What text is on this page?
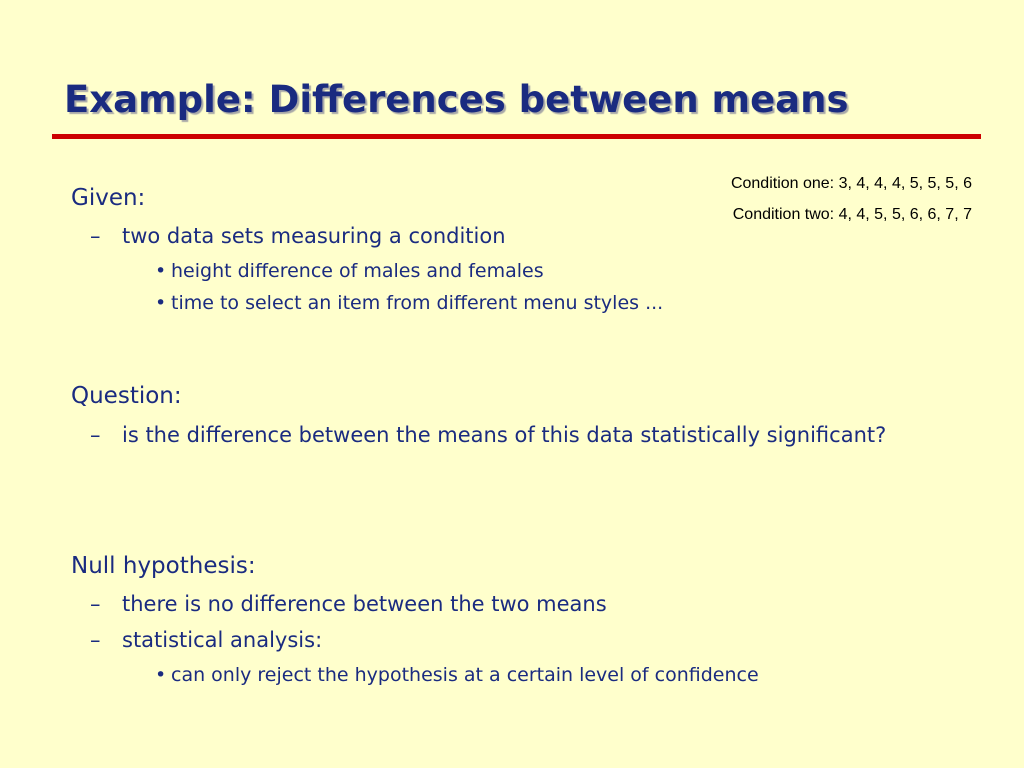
Example: Differences between means
Condition one: 3, 4, 4, 4, 5, 5, 5, 6
Condition two: 4, 4, 5, 5, 6, 6, 7, 7
Given:
– two data sets measuring a condition
• height difference of males and females
• time to select an item from different menu styles ...
Question:
– is the difference between the means of this data statistically significant?
Null hypothesis:
– there is no difference between the two means
– statistical analysis:
• can only reject the hypothesis at a certain level of confidence
